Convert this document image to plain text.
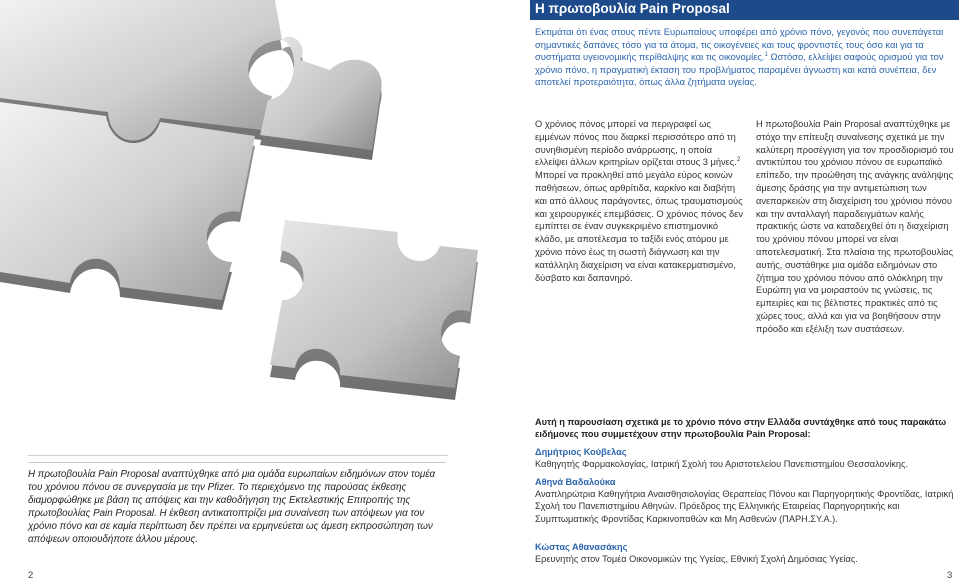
Η πρωτοβουλία Pain Proposal

Εκτιμάται ότι ένας στους πέντε Ευρωπαίους υποφέρει από χρόνιο πόνο, γεγονός που συνεπάγεται σημαντικές δαπάνες τόσο για τα άτομα, τις οικογένειες και τους φροντιστές τους όσο και για τα συστήματα υγειονομικής περίθαλψης και τις οικονομίες.$^1$ Ωστόσο, ελλείψει σαφούς ορισμού για τον χρόνιο πόνο, η πραγματική έκταση του προβλήματος παραμένει άγνωστη και κατά συνέπεια, δεν αποτελεί προτεραιότητα, όπως άλλα ζητήματα υγείας.

Ο χρόνιος πόνος μπορεί να περιγραφεί ως εμμένων πόνος που διαρκεί περισσότερο από τη συνηθισμένη περίοδο ανάρρωσης, η οποία ελλείψει άλλων κριτηρίων ορίζεται στους 3 μήνες.$^2$ Μπορεί να προκληθεί από μεγάλο εύρος κοινών παθήσεων, όπως αρθρίτιδα, καρκίνο και διαβήτη και από άλλους παράγοντες, όπως τραυματισμούς και χειρουργικές επεμβάσεις. Ο χρόνιος πόνος δεν εμπίπτει σε έναν συγκεκριμένο επιστημονικό κλάδο, με αποτέλεσμα το ταξίδι ενός ατόμου με χρόνιο πόνο έως τη σωστή διάγνωση και την κατάλληλη διαχείριση να είναι κατακερματισμένο, δύσβατο και δαπανηρό.

Η πρωτοβουλία Pain Proposal αναπτύχθηκε με στόχο την επίτευξη συναίνεσης σχετικά με την καλύτερη προσέγγιση για τον προσδιορισμό του αντικτύπου του χρόνιου πόνου σε ευρωπαϊκό επίπεδο, την προώθηση της ανάγκης ανάληψης άμεσης δράσης για την αντιμετώπιση των ανεπαρκειών στη διαχείριση του χρόνιου πόνου και την ανταλλαγή παραδειγμάτων καλής πρακτικής ώστε να καταδειχθεί ότι η διαχείριση του χρόνιου πόνου μπορεί να είναι αποτελεσματική. Στα πλαίσια της πρωτοβουλίας αυτής, συστάθηκε μια ομάδα ειδημόνων στο ζήτημα του χρόνιου πόνου από ολόκληρη την Ευρώπη για να μοιραστούν τις γνώσεις, τις εμπειρίες και τις βέλτιστες πρακτικές από τις χώρες τους, αλλά και για να βοηθήσουν στην πρόοδο και εξέλιξη των συστάσεων.

Αυτή η παρουσίαση σχετικά με το χρόνιο πόνο στην Ελλάδα συντάχθηκε από τους παρακάτω ειδήμονες που συμμετέχουν στην πρωτοβουλία Pain Proposal:

Δημήτριος Κούβελας

Καθηγητής Φαρμακολογίας, Ιατρική Σχολή του Αριστοτελείου Πανεπιστημίου Θεσσαλονίκης.

Αθηνά Βαδαλούκα

Αναπληρώτρια Καθηγήτρια Αναισθησιολογίας Θεραπείας Πόνου και Παρηγορητικής Φροντίδας, Ιατρική Σχολή του Πανεπιστημίου Αθηνών. Πρόεδρος της Ελληνικής Εταιρείας Παρηγορητικής και Συμπτωματικής Φροντίδας Καρκινοπαθών και Μη Ασθενών (ΠΑΡΗ.ΣΥ.Α.).

Κώστας Αθανασάκης

Ερευνητής στον Τομέα Οικονομικών της Υγείας, Εθνική Σχολή Δημόσιας Υγείας.

Η πρωτοβουλία Pain Proposal αναπτύχθηκε από μια ομάδα ευρωπαίων ειδημόνων στον τομέα του χρόνιου πόνου σε συνεργασία με την Pfizer. Το περιεχόμενο της παρούσας έκθεσης διαμορφώθηκε με βάση τις απόψεις και την καθοδήγηση της Εκτελεστικής Επιτροπής της πρωτοβουλίας Pain Proposal. Η έκθεση αντικατοπτρίζει μια συναίνεση των απόψεων για τον χρόνιο πόνο και σε καμία περίπτωση δεν πρέπει να ερμηνεύεται ως άμεση εκπροσώπηση των απόψεων οποιουδήποτε άλλου μέρους.

2	3
